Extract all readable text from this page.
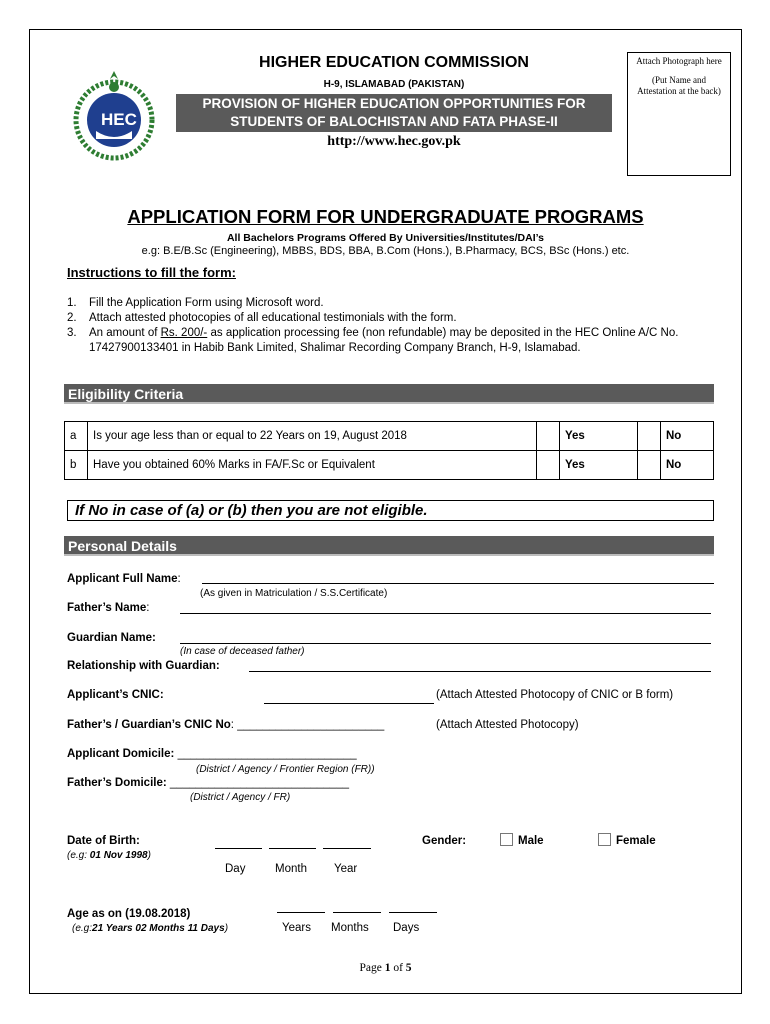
HEC
HIGHER EDUCATION COMMISSION
H-9, ISLAMABAD (PAKISTAN)
PROVISION OF HIGHER EDUCATION OPPORTUNITIES FOR
STUDENTS OF BALOCHISTAN AND FATA PHASE-II
http://www.hec.gov.pk
Attach Photograph here
(Put Name and Attestation at the back)
APPLICATION FORM FOR UNDERGRADUATE PROGRAMS
All Bachelors Programs Offered By Universities/Institutes/DAI’s
e.g: B.E/B.Sc (Engineering), MBBS, BDS, BBA, B.Com (Hons.), B.Pharmacy, BCS, BSc (Hons.) etc.
Instructions to fill the form:
1.	Fill the Application Form using Microsoft word.
2.	Attach attested photocopies of all educational testimonials with the form.
3.	An amount of Rs. 200/- as application processing fee (non refundable) may be deposited in the HEC Online A/C No. 17427900133401 in Habib Bank Limited, Shalimar Recording Company Branch, H-9, Islamabad.
Eligibility Criteria
a	Is your age less than or equal to 22 Years on 19, August 2018		Yes		No
b	Have you obtained 60% Marks in FA/F.Sc or Equivalent		Yes		No
If No in case of (a) or (b) then you are not eligible.
Personal Details
Applicant Full Name:
(As given in Matriculation / S.S.Certificate)
Father’s Name:
Guardian Name:
(In case of deceased father)
Relationship with Guardian:
Applicant’s CNIC:	(Attach Attested Photocopy of CNIC or B form)
Father’s / Guardian’s CNIC No: _______________________	(Attach Attested Photocopy)
Applicant Domicile: ____________________________
(District / Agency / Frontier Region (FR))
Father’s Domicile: ____________________________
(District / Agency / FR)
Date of Birth:
(e.g: 01 Nov 1998)
Day	Month Year
Gender:	Male	Female
Age as on (19.08.2018)
(e.g:21 Years 02 Months 11 Days)	Years Months Days
Page 1 of 5
